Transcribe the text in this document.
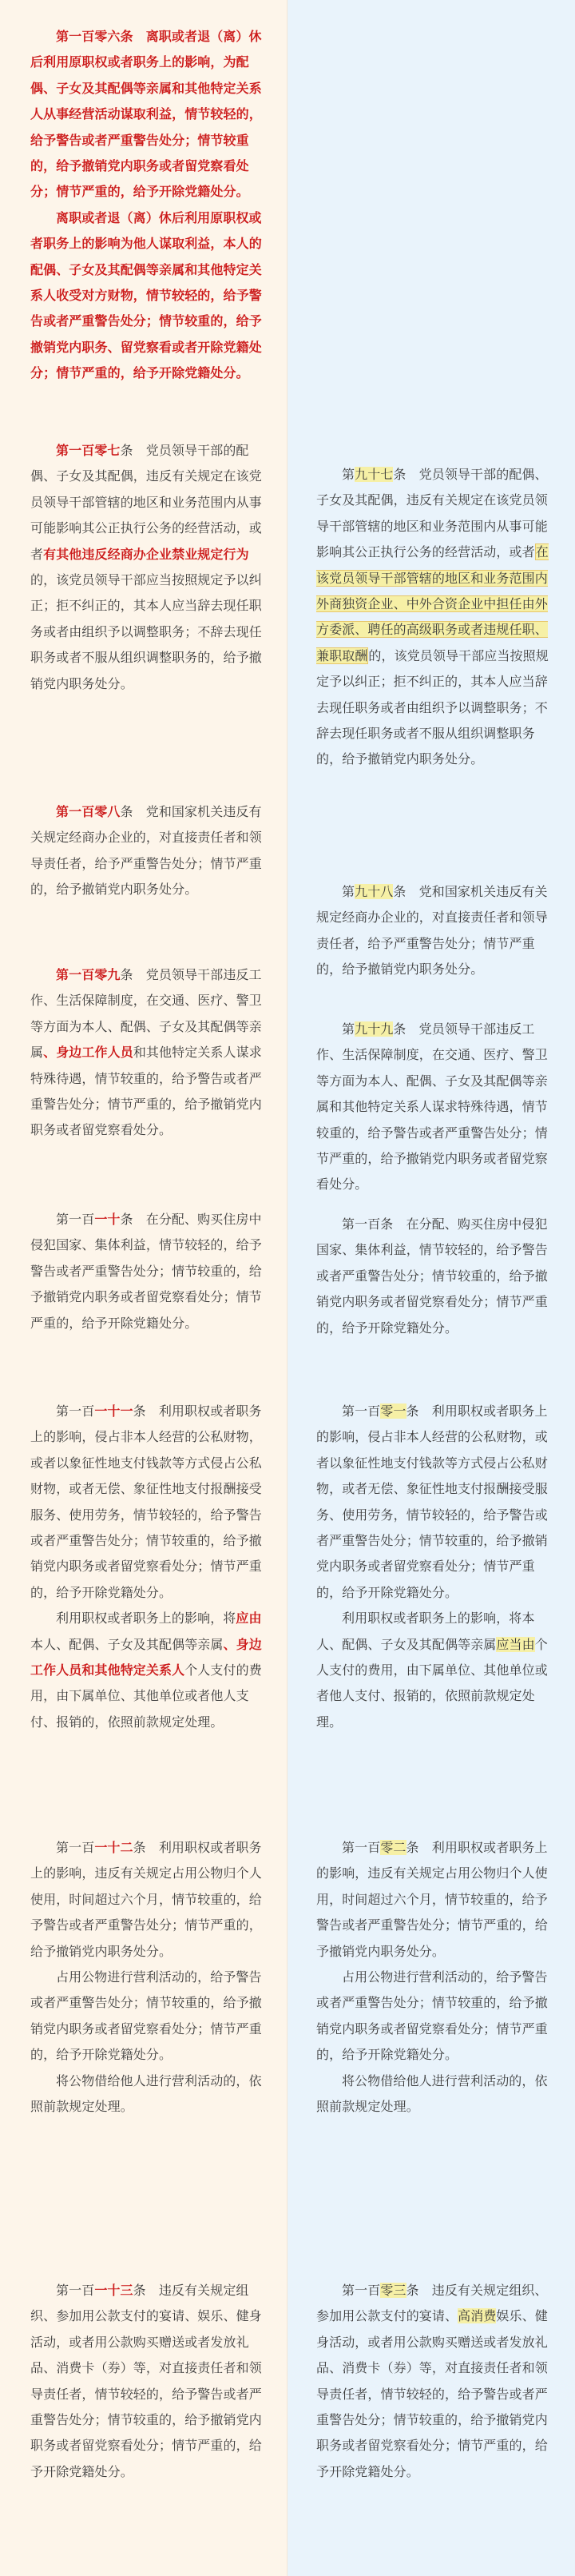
第一百零六条　离职或者退（离）休后利用原职权或者职务上的影响，为配偶、子女及其配偶等亲属和其他特定关系人从事经营活动谋取利益，情节较轻的，给予警告或者严重警告处分；情节较重的，给予撤销党内职务或者留党察看处分；情节严重的，给予开除党籍处分。

离职或者退（离）休后利用原职权或者职务上的影响为他人谋取利益，本人的配偶、子女及其配偶等亲属和其他特定关系人收受对方财物，情节较轻的，给予警告或者严重警告处分；情节较重的，给予撤销党内职务、留党察看或者开除党籍处分；情节严重的，给予开除党籍处分。

第一百零七条　党员领导干部的配偶、子女及其配偶，违反有关规定在该党员领导干部管辖的地区和业务范围内从事可能影响其公正执行公务的经营活动，或者有其他违反经商办企业禁业规定行为的，该党员领导干部应当按照规定予以纠正；拒不纠正的，其本人应当辞去现任职务或者由组织予以调整职务；不辞去现任职务或者不服从组织调整职务的，给予撤销党内职务处分。

第一百零八条　党和国家机关违反有关规定经商办企业的，对直接责任者和领导责任者，给予严重警告处分；情节严重的，给予撤销党内职务处分。

第一百零九条　党员领导干部违反工作、生活保障制度，在交通、医疗、警卫等方面为本人、配偶、子女及其配偶等亲属、身边工作人员和其他特定关系人谋求特殊待遇，情节较重的，给予警告或者严重警告处分；情节严重的，给予撤销党内职务或者留党察看处分。

第一百一十条　在分配、购买住房中侵犯国家、集体利益，情节较轻的，给予警告或者严重警告处分；情节较重的，给予撤销党内职务或者留党察看处分；情节严重的，给予开除党籍处分。

第一百一十一条　利用职权或者职务上的影响，侵占非本人经营的公私财物，或者以象征性地支付钱款等方式侵占公私财物，或者无偿、象征性地支付报酬接受服务、使用劳务，情节较轻的，给予警告或者严重警告处分；情节较重的，给予撤销党内职务或者留党察看处分；情节严重的，给予开除党籍处分。

利用职权或者职务上的影响，将应由本人、配偶、子女及其配偶等亲属、身边工作人员和其他特定关系人个人支付的费用，由下属单位、其他单位或者他人支付、报销的，依照前款规定处理。

第一百一十二条　利用职权或者职务上的影响，违反有关规定占用公物归个人使用，时间超过六个月，情节较重的，给予警告或者严重警告处分；情节严重的，给予撤销党内职务处分。

占用公物进行营利活动的，给予警告或者严重警告处分；情节较重的，给予撤销党内职务或者留党察看处分；情节严重的，给予开除党籍处分。

将公物借给他人进行营利活动的，依照前款规定处理。

第一百一十三条　违反有关规定组织、参加用公款支付的宴请、娱乐、健身活动，或者用公款购买赠送或者发放礼品、消费卡（券）等，对直接责任者和领导责任者，情节较轻的，给予警告或者严重警告处分；情节较重的，给予撤销党内职务或者留党察看处分；情节严重的，给予开除党籍处分。

第九十七条　党员领导干部的配偶、子女及其配偶，违反有关规定在该党员领导干部管辖的地区和业务范围内从事可能影响其公正执行公务的经营活动，或者在该党员领导干部管辖的地区和业务范围内外商独资企业、中外合资企业中担任由外方委派、聘任的高级职务或者违规任职、兼职取酬的，该党员领导干部应当按照规定予以纠正；拒不纠正的，其本人应当辞去现任职务或者由组织予以调整职务；不辞去现任职务或者不服从组织调整职务的，给予撤销党内职务处分。

第九十八条　党和国家机关违反有关规定经商办企业的，对直接责任者和领导责任者，给予严重警告处分；情节严重的，给予撤销党内职务处分。

第九十九条　党员领导干部违反工作、生活保障制度，在交通、医疗、警卫等方面为本人、配偶、子女及其配偶等亲属和其他特定关系人谋求特殊待遇，情节较重的，给予警告或者严重警告处分；情节严重的，给予撤销党内职务或者留党察看处分。

第一百条　在分配、购买住房中侵犯国家、集体利益，情节较轻的，给予警告或者严重警告处分；情节较重的，给予撤销党内职务或者留党察看处分；情节严重的，给予开除党籍处分。

第一百零一条　利用职权或者职务上的影响，侵占非本人经营的公私财物，或者以象征性地支付钱款等方式侵占公私财物，或者无偿、象征性地支付报酬接受服务、使用劳务，情节较轻的，给予警告或者严重警告处分；情节较重的，给予撤销党内职务或者留党察看处分；情节严重的，给予开除党籍处分。

利用职权或者职务上的影响，将本人、配偶、子女及其配偶等亲属应当由个人支付的费用，由下属单位、其他单位或者他人支付、报销的，依照前款规定处理。

第一百零二条　利用职权或者职务上的影响，违反有关规定占用公物归个人使用，时间超过六个月，情节较重的，给予警告或者严重警告处分；情节严重的，给予撤销党内职务处分。

占用公物进行营利活动的，给予警告或者严重警告处分；情节较重的，给予撤销党内职务或者留党察看处分；情节严重的，给予开除党籍处分。

将公物借给他人进行营利活动的，依照前款规定处理。

第一百零三条　违反有关规定组织、参加用公款支付的宴请、高消费娱乐、健身活动，或者用公款购买赠送或者发放礼品、消费卡（券）等，对直接责任者和领导责任者，情节较轻的，给予警告或者严重警告处分；情节较重的，给予撤销党内职务或者留党察看处分；情节严重的，给予开除党籍处分。
